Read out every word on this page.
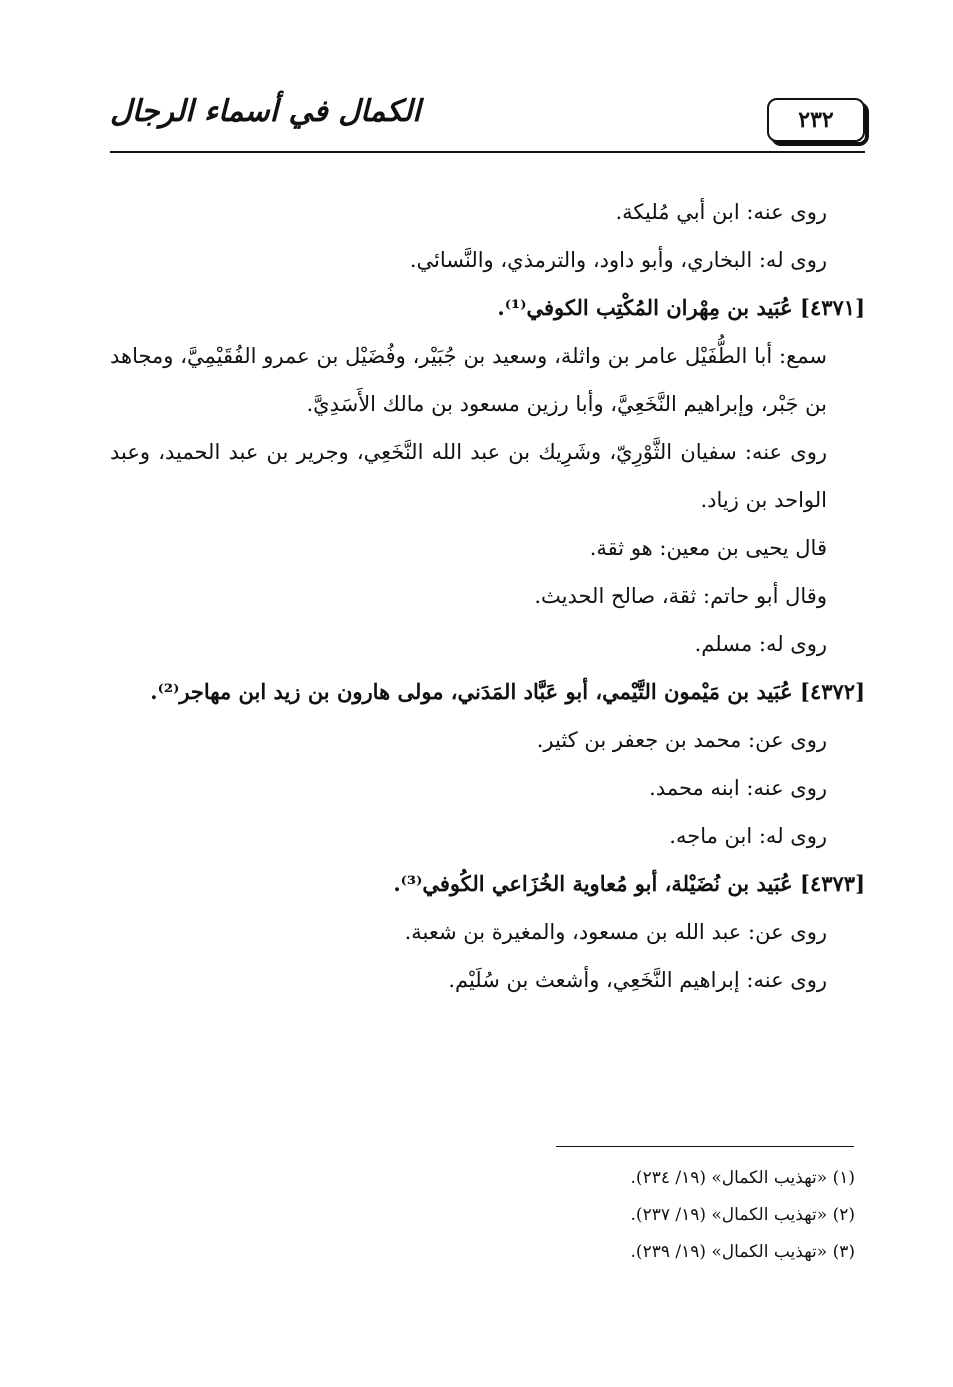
٢٣٢
الكمال في أسماء الرجال

روى عنه: ابن أبي مُليكة.

روى له: البخاري، وأبو داود، والترمذي، والنَّسائي.

[٤٣٧١] عُبَيد بن مِهْران المُكْتِب الكوفي⁽¹⁾.

سمع: أبا الطُّفَيْل عامر بن واثلة، وسعيد بن جُبَيْر، وفُضَيْل بن عمرو الفُقَيْمِيَّ، ومجاهد بن جَبْر، وإبراهيم النَّخَعِيَّ، وأبا رزين مسعود بن مالك الأَسَدِيَّ.

روى عنه: سفيان الثَّوْرِيّ، وشَرِيك بن عبد الله النَّخَعِي، وجرير بن عبد الحميد، وعبد الواحد بن زياد.

قال يحيى بن معين: هو ثقة.

وقال أبو حاتم: ثقة، صالح الحديث.

روى له: مسلم.

[٤٣٧٢] عُبَيد بن مَيْمون التَّيْمي، أبو عَبَّاد المَدَني، مولى هارون بن زيد ابن مهاجر⁽²⁾.

روى عن: محمد بن جعفر بن كثير.

روى عنه: ابنه محمد.

روى له: ابن ماجه.

[٤٣٧٣] عُبَيد بن نُضَيْلة، أبو مُعاوية الخُزَاعي الكُوفي⁽³⁾.

روى عن: عبد الله بن مسعود، والمغيرة بن شعبة.

روى عنه: إبراهيم النَّخَعِي، وأشعث بن سُلَيْم.

(١) «تهذيب الكمال» (١٩/ ٢٣٤).
(٢) «تهذيب الكمال» (١٩/ ٢٣٧).
(٣) «تهذيب الكمال» (١٩/ ٢٣٩).
